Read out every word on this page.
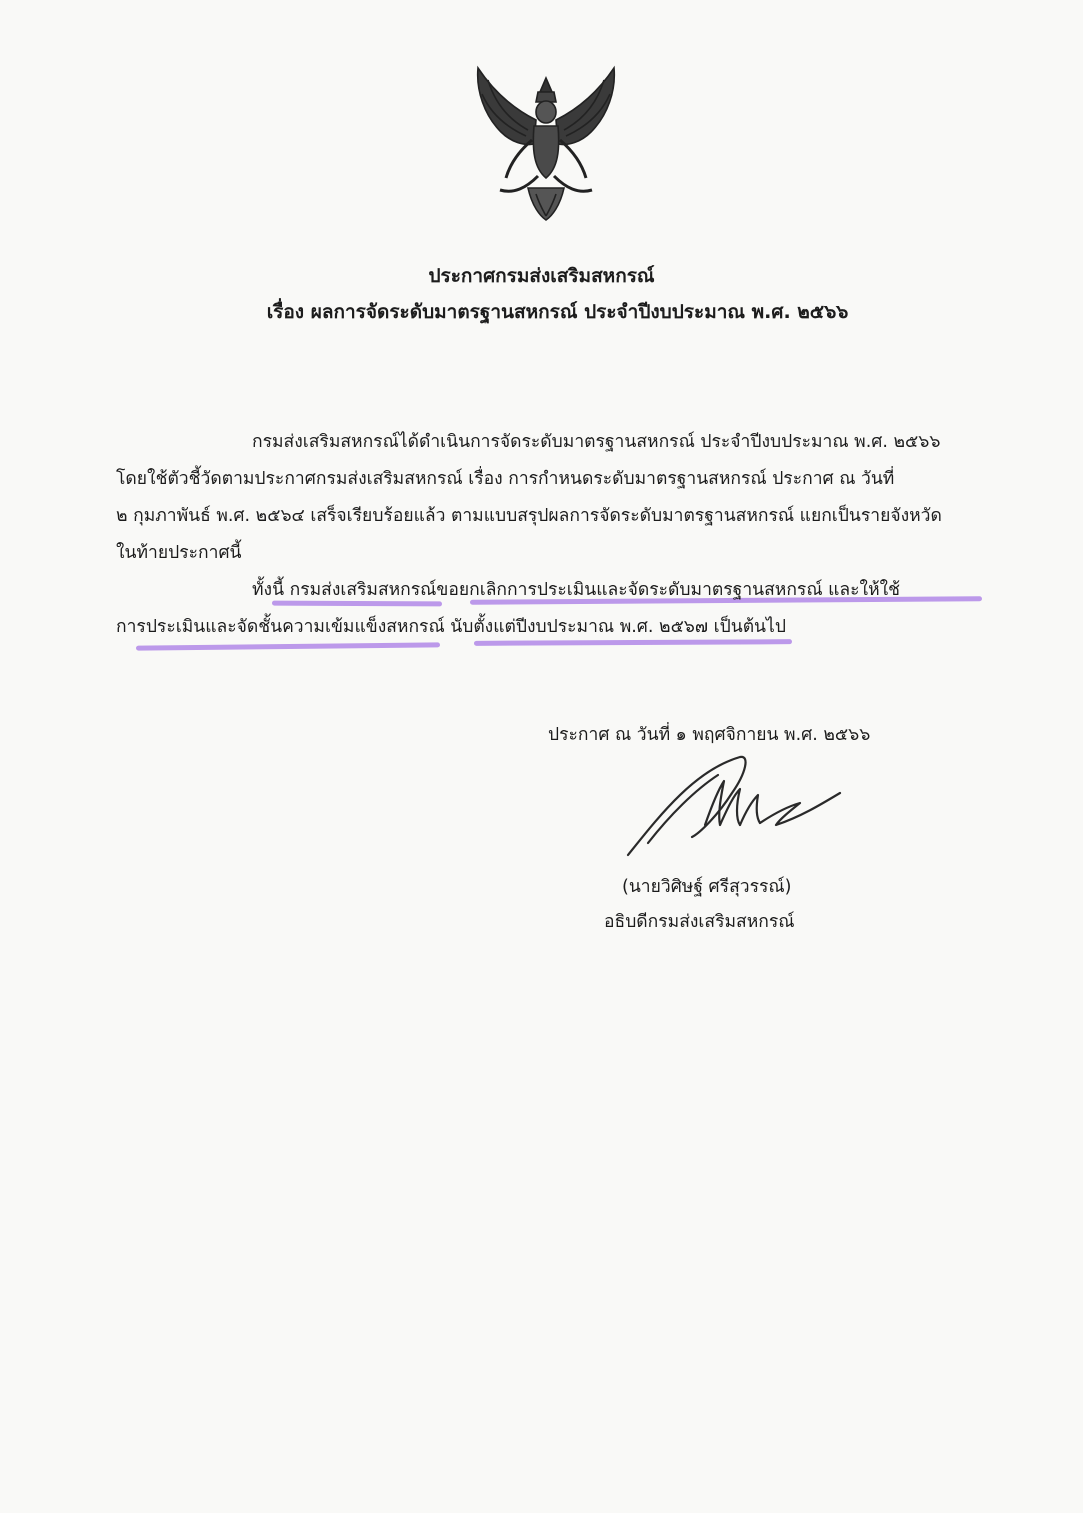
ประกาศกรมส่งเสริมสหกรณ์
เรื่อง ผลการจัดระดับมาตรฐานสหกรณ์ ประจำปีงบประมาณ พ.ศ. ๒๕๖๖
กรมส่งเสริมสหกรณ์ได้ดำเนินการจัดระดับมาตรฐานสหกรณ์ ประจำปีงบประมาณ พ.ศ. ๒๕๖๖
โดยใช้ตัวชี้วัดตามประกาศกรมส่งเสริมสหกรณ์ เรื่อง การกำหนดระดับมาตรฐานสหกรณ์ ประกาศ ณ วันที่
๒ กุมภาพันธ์ พ.ศ. ๒๕๖๔ เสร็จเรียบร้อยแล้ว ตามแบบสรุปผลการจัดระดับมาตรฐานสหกรณ์ แยกเป็นรายจังหวัด
ในท้ายประกาศนี้
ทั้งนี้ กรมส่งเสริมสหกรณ์ขอยกเลิกการประเมินและจัดระดับมาตรฐานสหกรณ์ และให้ใช้
การประเมินและจัดชั้นความเข้มแข็งสหกรณ์ นับตั้งแต่ปีงบประมาณ พ.ศ. ๒๕๖๗ เป็นต้นไป
ประกาศ ณ วันที่ ๑ พฤศจิกายน พ.ศ. ๒๕๖๖
(นายวิศิษฐ์ ศรีสุวรรณ์)
อธิบดีกรมส่งเสริมสหกรณ์
